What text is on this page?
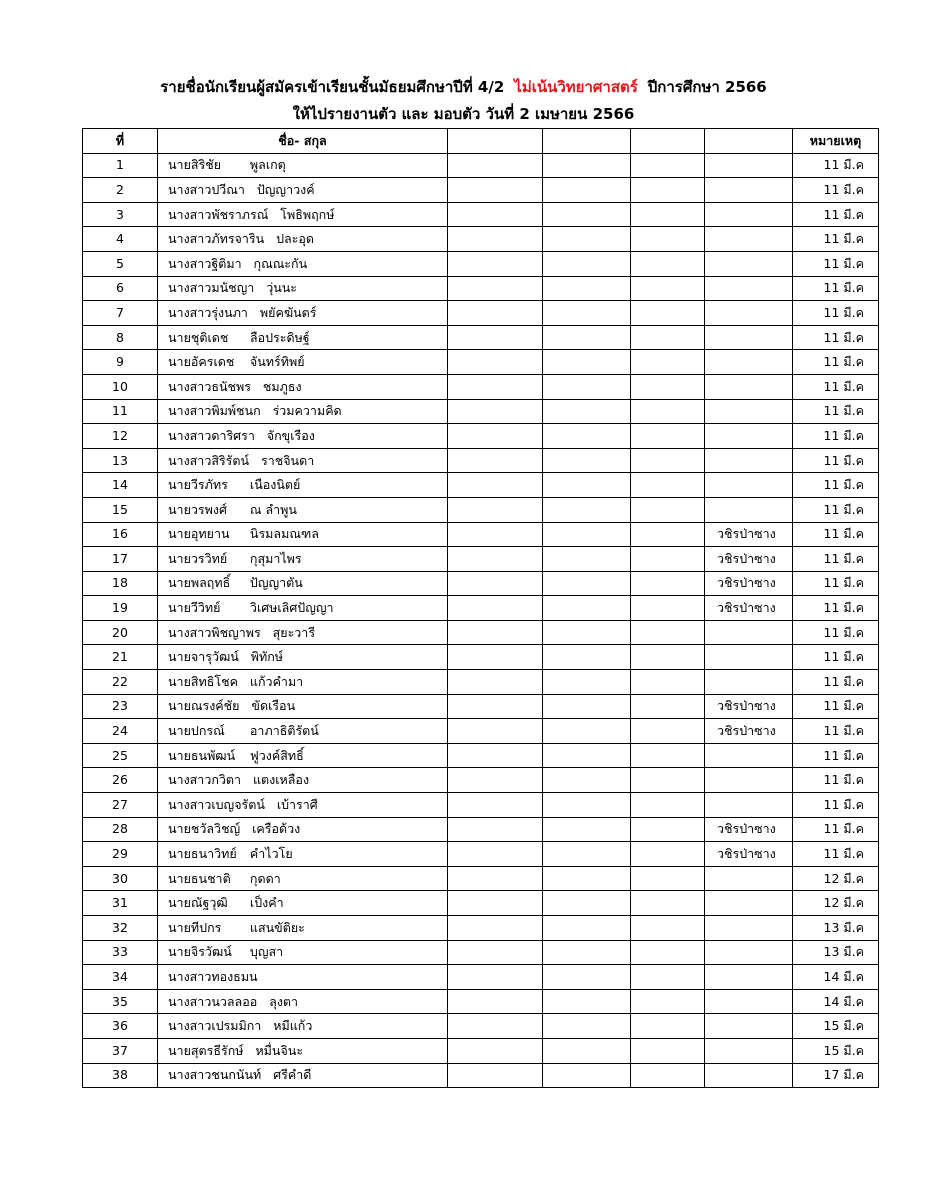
รายชื่อนักเรียนผู้สมัครเข้าเรียนชั้นมัธยมศึกษาปีที่ 4/2 ไม่เน้นวิทยาศาสตร์ ปีการศึกษา 2566
ให้ไปรายงานตัว และ มอบตัว วันที่ 2 เมษายน 2566
ที่	ชื่อ- สกุล					หมายเหตุ
1	นายสิริชัย พูลเกตุ					11 มี.ค
2	นางสาวปวีณา ปัญญาวงค์					11 มี.ค
3	นางสาวพัชราภรณ์ โพธิพฤกษ์					11 มี.ค
4	นางสาวภัทรจาริน ปละอุด					11 มี.ค
5	นางสาวฐิติมา กุณณะกัน					11 มี.ค
6	นางสาวมนัชญา วุ่นนะ					11 มี.ค
7	นางสาวรุ่งนภา พยัคฆันตร์					11 มี.ค
8	นายชุติเดช ลือประดิษฐ์					11 มี.ค
9	นายอัครเดช จันทร์ทิพย์					11 มี.ค
10	นางสาวธนัชพร ชมภูธง					11 มี.ค
11	นางสาวพิมพ์ชนก ร่วมความคิด					11 มี.ค
12	นางสาวดาริศรา จักขุเรือง					11 มี.ค
13	นางสาวสิริรัตน์ ราชจินดา					11 มี.ค
14	นายวีรภัทร เนืองนิตย์					11 มี.ค
15	นายวรพงศ์ ณ ลำพูน					11 มี.ค
16	นายอุทยาน นิรมลมณฑล				วชิรป่าซาง	11 มี.ค
17	นายวรวิทย์ กุสุมาไพร				วชิรป่าซาง	11 มี.ค
18	นายพลฤทธิ์ ปัญญาตัน				วชิรป่าซาง	11 มี.ค
19	นายวีวิทย์ วิเศษเลิศปัญญา				วชิรป่าซาง	11 มี.ค
20	นางสาวพิชญาพร สุยะวารี					11 มี.ค
21	นายจารุวัฒน์ พิทักษ์					11 มี.ค
22	นายสิทธิโชค แก้วคำมา					11 มี.ค
23	นายณรงค์ชัย ขัดเรือน				วชิรป่าซาง	11 มี.ค
24	นายปกรณ์ อาภาธิติรัตน์				วชิรป่าซาง	11 มี.ค
25	นายธนพัฒน์ ฟูวงค์สิทธิ์					11 มี.ค
26	นางสาวกวิตา แตงเหลือง					11 มี.ค
27	นางสาวเบญจรัตน์ เบ้าราศี					11 มี.ค
28	นายชวัลวิชญ์ เครือด้วง				วชิรป่าซาง	11 มี.ค
29	นายธนาวิทย์ คำไวโย				วชิรป่าซาง	11 มี.ค
30	นายธนชาติ กุดดา					12 มี.ค
31	นายณัฐวุฒิ เป็งคำ					12 มี.ค
32	นายทีปกร แสนขัติยะ					13 มี.ค
33	นายจิรวัฒน์ บุญสา					13 มี.ค
34	นางสาวทองธมน					14 มี.ค
35	นางสาวนวลลออ ลุงตา					14 มี.ค
36	นางสาวเปรมมิกา หมีแก้ว					15 มี.ค
37	นายสุตรธีรักษ์ หมื่นจินะ					15 มี.ค
38	นางสาวชนกนันท์ ศรีคำดี					17 มี.ค
